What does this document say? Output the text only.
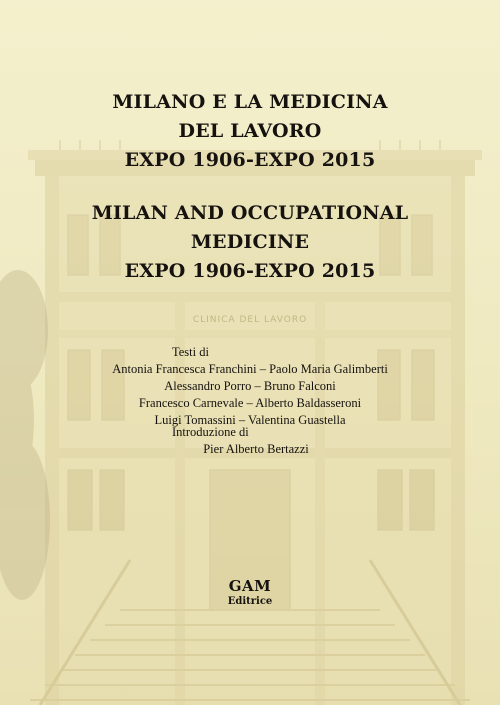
CLINICA DEL LAVORO
MILANO E LA MEDICINA
DEL LAVORO
EXPO 1906-EXPO 2015
MILAN AND OCCUPATIONAL
MEDICINE
EXPO 1906-EXPO 2015
Testi di
Antonia Francesca Franchini – Paolo Maria Galimberti
Alessandro Porro – Bruno Falconi
Francesco Carnevale – Alberto Baldasseroni
Luigi Tomassini – Valentina Guastella
Introduzione di
Pier Alberto Bertazzi
GAM
Editrice
